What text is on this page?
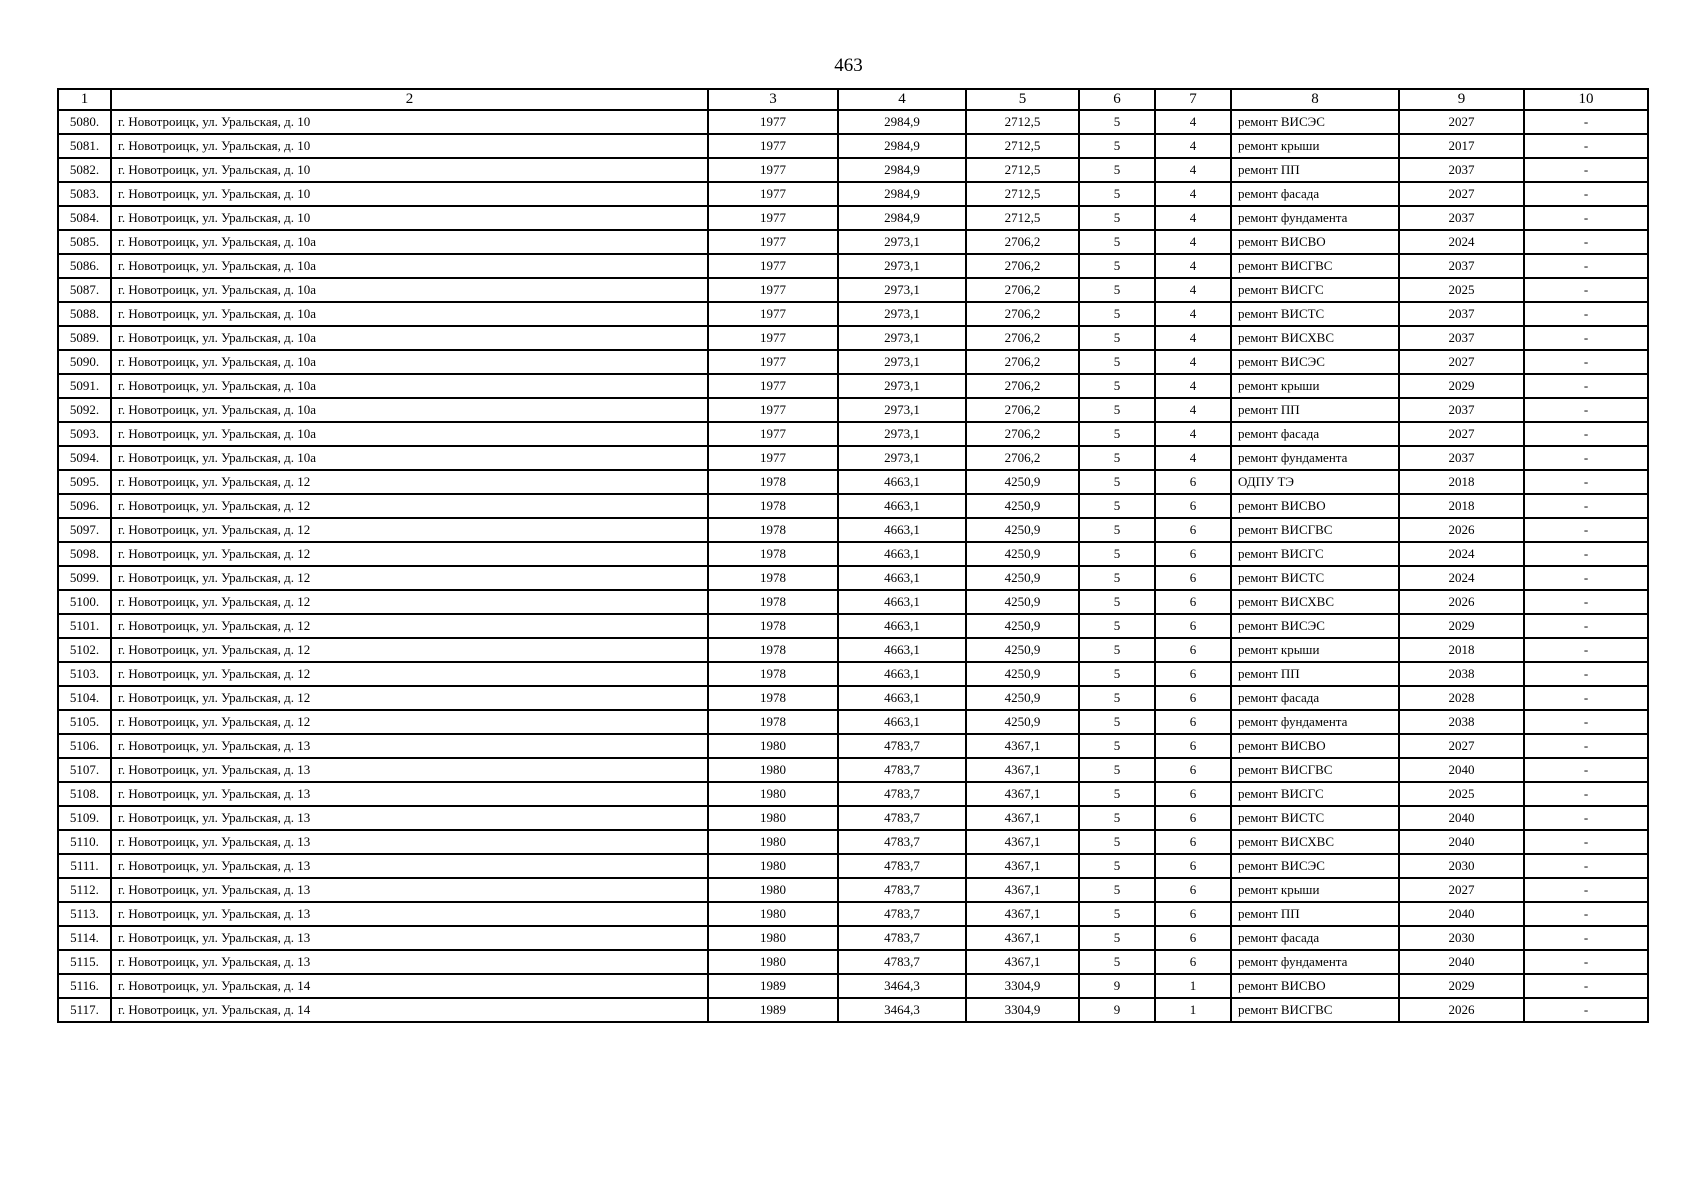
463
1	2	3	4	5	6	7	8	9	10
5080.	г. Новотроицк, ул. Уральская, д. 10	1977	2984,9	2712,5	5	4	ремонт ВИСЭС	2027	-
5081.	г. Новотроицк, ул. Уральская, д. 10	1977	2984,9	2712,5	5	4	ремонт крыши	2017	-
5082.	г. Новотроицк, ул. Уральская, д. 10	1977	2984,9	2712,5	5	4	ремонт ПП	2037	-
5083.	г. Новотроицк, ул. Уральская, д. 10	1977	2984,9	2712,5	5	4	ремонт фасада	2027	-
5084.	г. Новотроицк, ул. Уральская, д. 10	1977	2984,9	2712,5	5	4	ремонт фундамента	2037	-
5085.	г. Новотроицк, ул. Уральская, д. 10а	1977	2973,1	2706,2	5	4	ремонт ВИСВО	2024	-
5086.	г. Новотроицк, ул. Уральская, д. 10а	1977	2973,1	2706,2	5	4	ремонт ВИСГВС	2037	-
5087.	г. Новотроицк, ул. Уральская, д. 10а	1977	2973,1	2706,2	5	4	ремонт ВИСГС	2025	-
5088.	г. Новотроицк, ул. Уральская, д. 10а	1977	2973,1	2706,2	5	4	ремонт ВИСТС	2037	-
5089.	г. Новотроицк, ул. Уральская, д. 10а	1977	2973,1	2706,2	5	4	ремонт ВИСХВС	2037	-
5090.	г. Новотроицк, ул. Уральская, д. 10а	1977	2973,1	2706,2	5	4	ремонт ВИСЭС	2027	-
5091.	г. Новотроицк, ул. Уральская, д. 10а	1977	2973,1	2706,2	5	4	ремонт крыши	2029	-
5092.	г. Новотроицк, ул. Уральская, д. 10а	1977	2973,1	2706,2	5	4	ремонт ПП	2037	-
5093.	г. Новотроицк, ул. Уральская, д. 10а	1977	2973,1	2706,2	5	4	ремонт фасада	2027	-
5094.	г. Новотроицк, ул. Уральская, д. 10а	1977	2973,1	2706,2	5	4	ремонт фундамента	2037	-
5095.	г. Новотроицк, ул. Уральская, д. 12	1978	4663,1	4250,9	5	6	ОДПУ ТЭ	2018	-
5096.	г. Новотроицк, ул. Уральская, д. 12	1978	4663,1	4250,9	5	6	ремонт ВИСВО	2018	-
5097.	г. Новотроицк, ул. Уральская, д. 12	1978	4663,1	4250,9	5	6	ремонт ВИСГВС	2026	-
5098.	г. Новотроицк, ул. Уральская, д. 12	1978	4663,1	4250,9	5	6	ремонт ВИСГС	2024	-
5099.	г. Новотроицк, ул. Уральская, д. 12	1978	4663,1	4250,9	5	6	ремонт ВИСТС	2024	-
5100.	г. Новотроицк, ул. Уральская, д. 12	1978	4663,1	4250,9	5	6	ремонт ВИСХВС	2026	-
5101.	г. Новотроицк, ул. Уральская, д. 12	1978	4663,1	4250,9	5	6	ремонт ВИСЭС	2029	-
5102.	г. Новотроицк, ул. Уральская, д. 12	1978	4663,1	4250,9	5	6	ремонт крыши	2018	-
5103.	г. Новотроицк, ул. Уральская, д. 12	1978	4663,1	4250,9	5	6	ремонт ПП	2038	-
5104.	г. Новотроицк, ул. Уральская, д. 12	1978	4663,1	4250,9	5	6	ремонт фасада	2028	-
5105.	г. Новотроицк, ул. Уральская, д. 12	1978	4663,1	4250,9	5	6	ремонт фундамента	2038	-
5106.	г. Новотроицк, ул. Уральская, д. 13	1980	4783,7	4367,1	5	6	ремонт ВИСВО	2027	-
5107.	г. Новотроицк, ул. Уральская, д. 13	1980	4783,7	4367,1	5	6	ремонт ВИСГВС	2040	-
5108.	г. Новотроицк, ул. Уральская, д. 13	1980	4783,7	4367,1	5	6	ремонт ВИСГС	2025	-
5109.	г. Новотроицк, ул. Уральская, д. 13	1980	4783,7	4367,1	5	6	ремонт ВИСТС	2040	-
5110.	г. Новотроицк, ул. Уральская, д. 13	1980	4783,7	4367,1	5	6	ремонт ВИСХВС	2040	-
5111.	г. Новотроицк, ул. Уральская, д. 13	1980	4783,7	4367,1	5	6	ремонт ВИСЭС	2030	-
5112.	г. Новотроицк, ул. Уральская, д. 13	1980	4783,7	4367,1	5	6	ремонт крыши	2027	-
5113.	г. Новотроицк, ул. Уральская, д. 13	1980	4783,7	4367,1	5	6	ремонт ПП	2040	-
5114.	г. Новотроицк, ул. Уральская, д. 13	1980	4783,7	4367,1	5	6	ремонт фасада	2030	-
5115.	г. Новотроицк, ул. Уральская, д. 13	1980	4783,7	4367,1	5	6	ремонт фундамента	2040	-
5116.	г. Новотроицк, ул. Уральская, д. 14	1989	3464,3	3304,9	9	1	ремонт ВИСВО	2029	-
5117.	г. Новотроицк, ул. Уральская, д. 14	1989	3464,3	3304,9	9	1	ремонт ВИСГВС	2026	-
